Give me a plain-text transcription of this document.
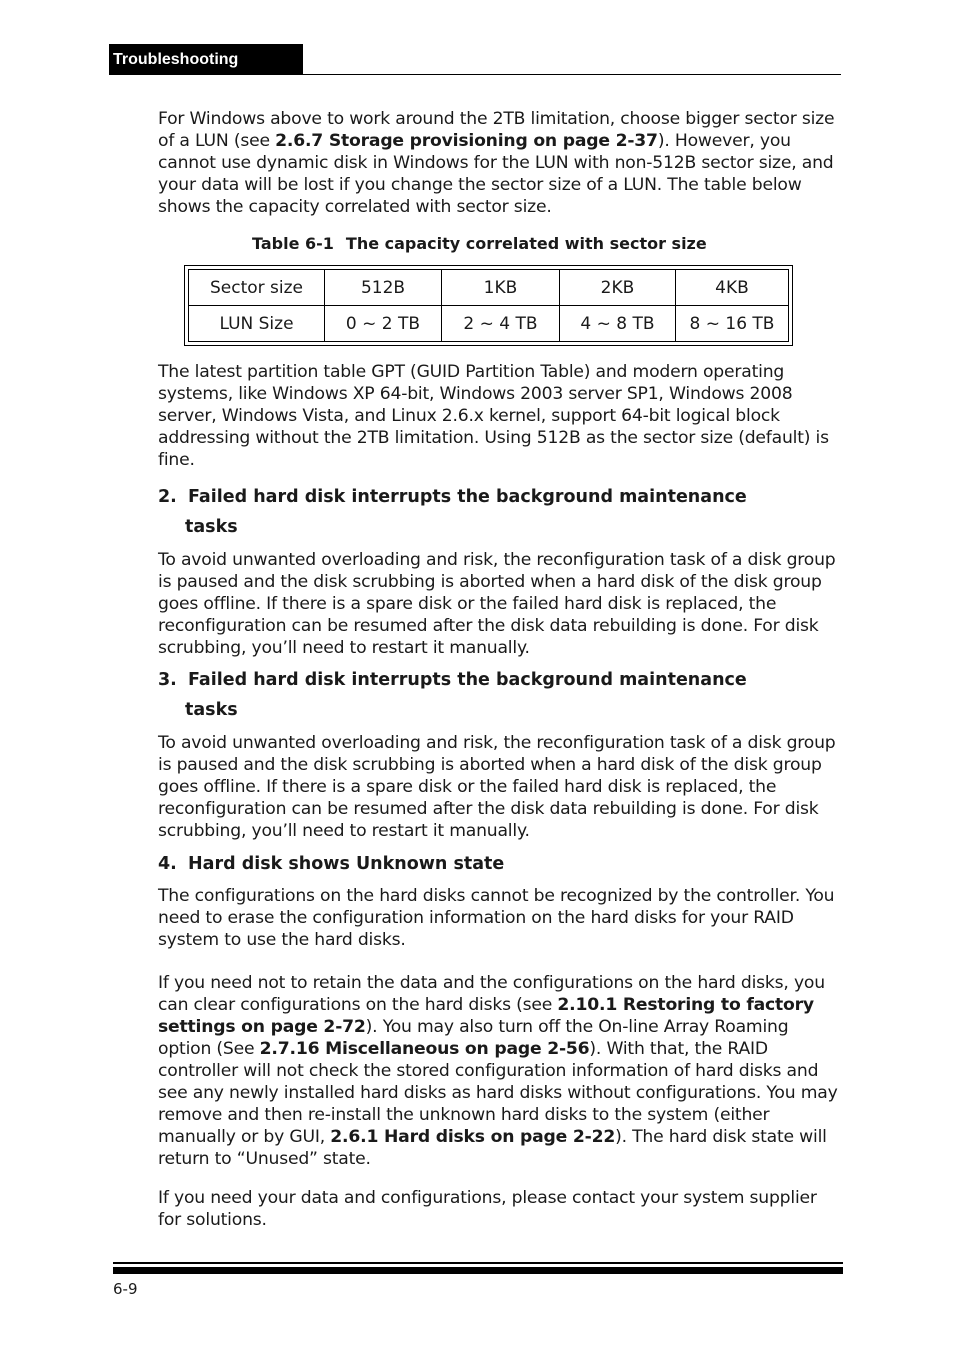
Troubleshooting
For Windows above to work around the 2TB limitation, choose bigger sector size of a LUN (see 2.6.7 Storage provisioning on page 2-37). However, you cannot use dynamic disk in Windows for the LUN with non-512B sector size, and your data will be lost if you change the sector size of a LUN. The table below shows the capacity correlated with sector size.
Table 6-1 The capacity correlated with sector size
Sector size	512B	1KB	2KB	4KB
LUN Size	0 ~ 2 TB	2 ~ 4 TB	4 ~ 8 TB	8 ~ 16 TB
The latest partition table GPT (GUID Partition Table) and modern operating systems, like Windows XP 64-bit, Windows 2003 server SP1, Windows 2008 server, Windows Vista, and Linux 2.6.x kernel, support 64-bit logical block addressing without the 2TB limitation. Using 512B as the sector size (default) is fine.
2. Failed hard disk interrupts the background maintenance
tasks
To avoid unwanted overloading and risk, the reconfiguration task of a disk group is paused and the disk scrubbing is aborted when a hard disk of the disk group goes offline. If there is a spare disk or the failed hard disk is replaced, the reconfiguration can be resumed after the disk data rebuilding is done. For disk scrubbing, you’ll need to restart it manually.
3. Failed hard disk interrupts the background maintenance
tasks
To avoid unwanted overloading and risk, the reconfiguration task of a disk group is paused and the disk scrubbing is aborted when a hard disk of the disk group goes offline. If there is a spare disk or the failed hard disk is replaced, the reconfiguration can be resumed after the disk data rebuilding is done. For disk scrubbing, you’ll need to restart it manually.
4. Hard disk shows Unknown state
The configurations on the hard disks cannot be recognized by the controller. You need to erase the configuration information on the hard disks for your RAID system to use the hard disks.
If you need not to retain the data and the configurations on the hard disks, you can clear configurations on the hard disks (see 2.10.1 Restoring to factory settings on page 2-72). You may also turn off the On-line Array Roaming option (See 2.7.16 Miscellaneous on page 2-56). With that, the RAID controller will not check the stored configuration information of hard disks and see any newly installed hard disks as hard disks without configurations. You may remove and then re-install the unknown hard disks to the system (either manually or by GUI, 2.6.1 Hard disks on page 2-22). The hard disk state will return to “Unused” state.
If you need your data and configurations, please contact your system supplier for solutions.
6-9
